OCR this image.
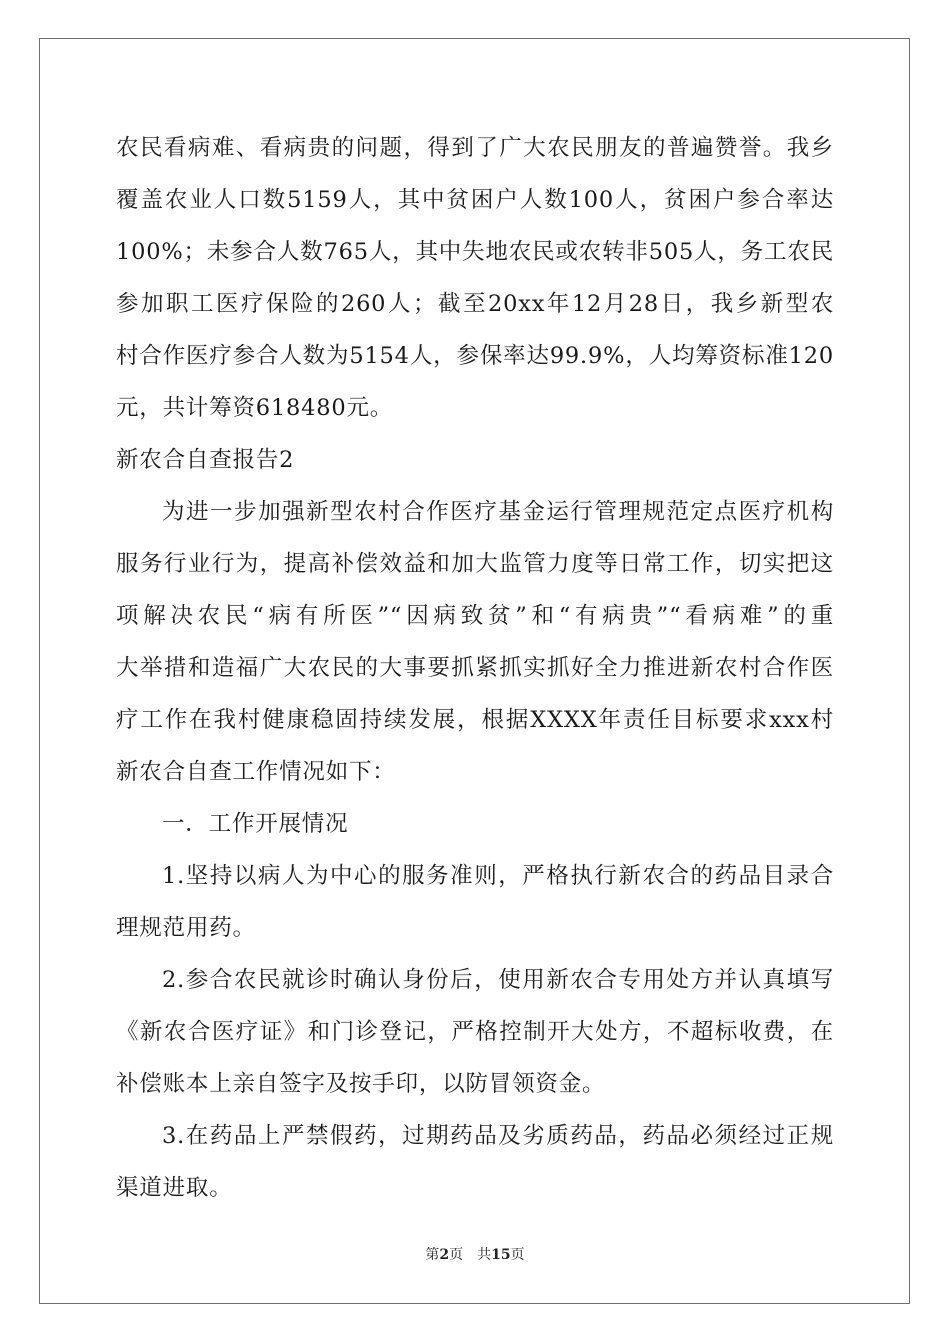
农民看病难、看病贵的问题，得到了广大农民朋友的普遍赞誉。我乡
覆盖农业人口数5159人，其中贫困户人数100人，贫困户参合率达
100%；未参合人数765人，其中失地农民或农转非505人，务工农民
参加职工医疗保险的260人；截至20xx年12月28日，我乡新型农
村合作医疗参合人数为5154人，参保率达99.9%，人均筹资标准120
元，共计筹资618480元。
新农合自查报告2
为进一步加强新型农村合作医疗基金运行管理规范定点医疗机构
服务行业行为，提高补偿效益和加大监管力度等日常工作，切实把这
项解决农民“病有所医”“因病致贫”和“有病贵”“看病难”的重
大举措和造福广大农民的大事要抓紧抓实抓好全力推进新农村合作医
疗工作在我村健康稳固持续发展，根据XXXX年责任目标要求xxx村
新农合自查工作情况如下：
一．工作开展情况
1.坚持以病人为中心的服务准则，严格执行新农合的药品目录合
理规范用药。
2.参合农民就诊时确认身份后，使用新农合专用处方并认真填写
《新农合医疗证》和门诊登记，严格控制开大处方，不超标收费，在
补偿账本上亲自签字及按手印，以防冒领资金。
3.在药品上严禁假药，过期药品及劣质药品，药品必须经过正规
渠道进取。
第2页 共15页
